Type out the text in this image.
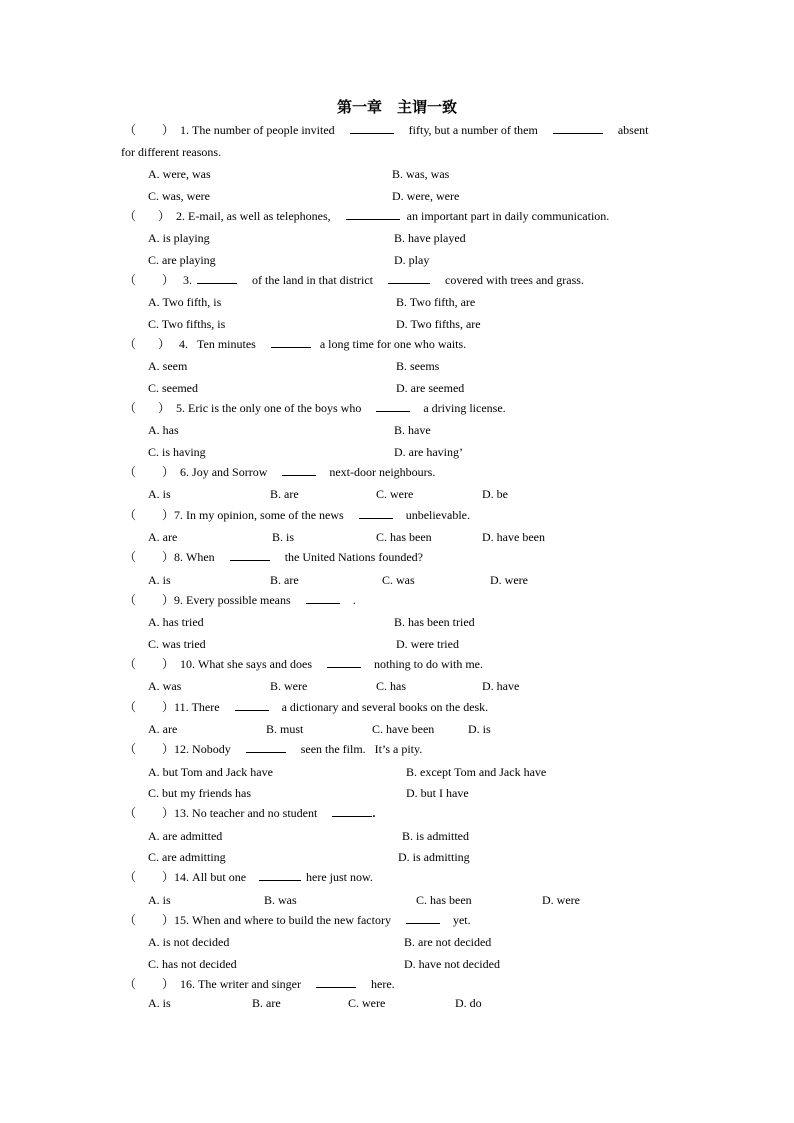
第一章　主谓一致
（ ） 1. The number of people invited	fifty, but a number of them	absent
for different reasons.
A. were, was	B. was, was
C. was, were	D. were, were
（ ） 2. E-mail, as well as telephones,	an important part in daily communication.
A. is playing	B. have played
C. are playing	D. play
（ ） 3.	of the land in that district	covered with trees and grass.
A. Two fifth, is	B. Two fifth, are
C. Two fifths, is	D. Two fifths, are
（ ） 4.   Ten minutes	a long time for one who waits.
A. seem	B. seems
C. seemed	D. are seemed
（ ） 5. Eric is the only one of the boys who	a driving license.
A. has	B. have
C. is having	D. are having’
（ ） 6. Joy and Sorrow	next-door neighbours.
A. is	B. are	C. were	D. be
（ ）7. In my opinion, some of the news	unbelievable.
A. are	B. is	C. has been	D. have been
（ ）8. When	the United Nations founded?
A. is	B. are	C. was	D. were
（ ）9. Every possible means	.
A. has tried	B. has been tried
C. was tried	D. were tried
（ ） 10. What she says and does	nothing to do with me.
A. was	B. were	C. has	D. have
（ ）11. There	a dictionary and several books on the desk.
A. are	B. must	C. have been	D. is
（ ）12. Nobody	seen the film.   It’s a pity.
A. but Tom and Jack have	B. except Tom and Jack have
C. but my friends has	D. but I have
（ ）13. No teacher and no student	.
A. are admitted	B. is admitted
C. are admitting	D. is admitting
（ ）14. All but one	here just now.
A. is	B. was	C. has been	D. were
（ ）15. When and where to build the new factory	yet.
A. is not decided	B. are not decided
C. has not decided	D. have not decided
（ ） 16. The writer and singer	here.
A. is	B. are	C. were	D. do
